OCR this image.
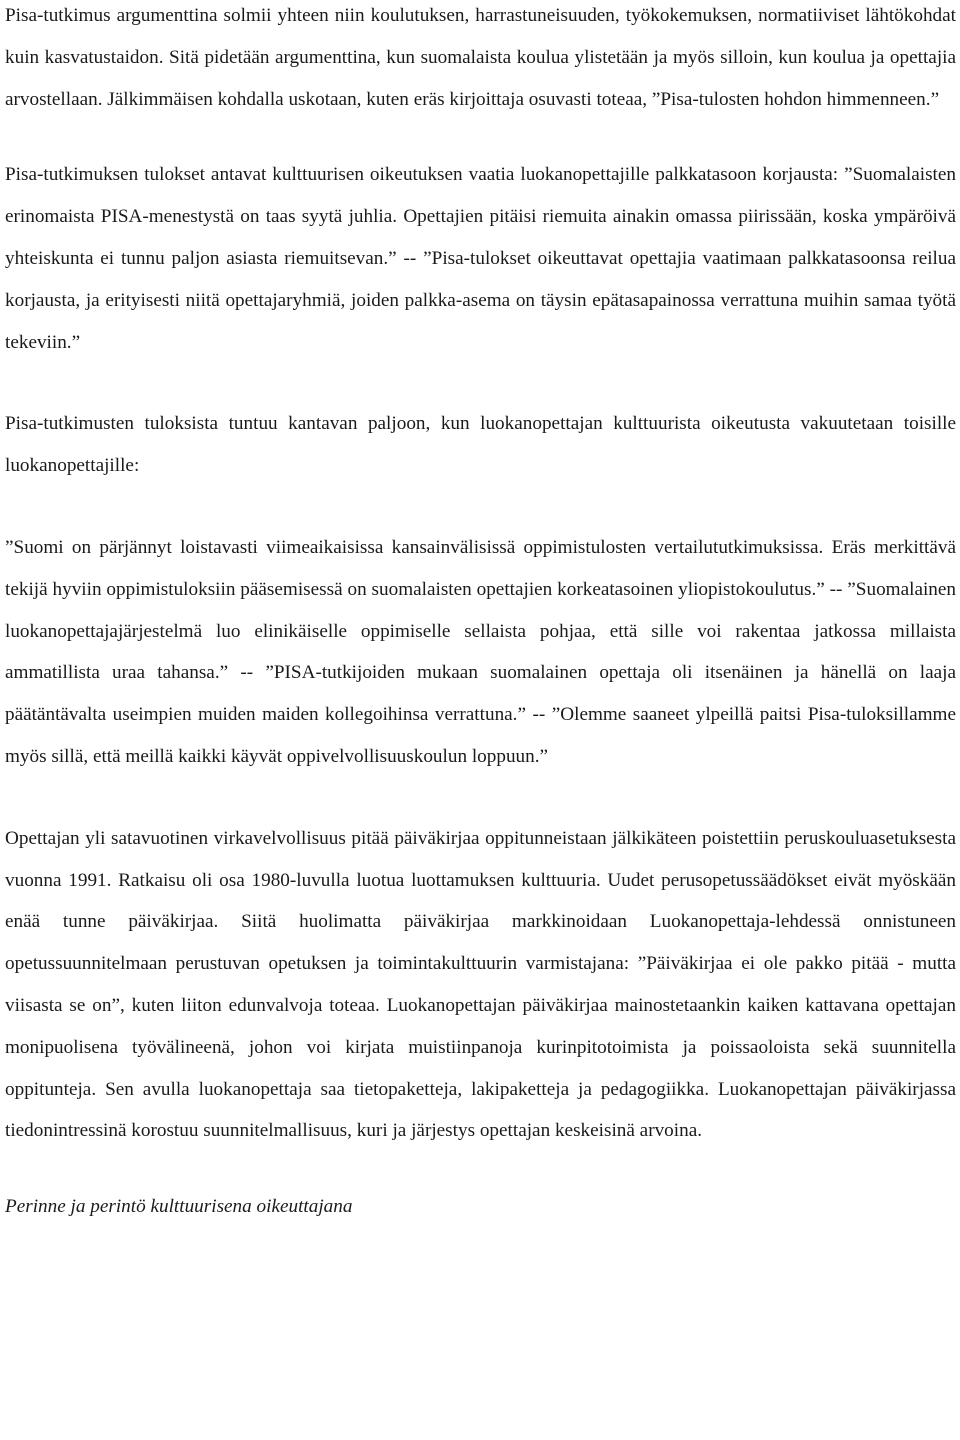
Pisa-tutkimus argumenttina solmii yhteen niin koulutuksen, harrastuneisuuden, työkokemuksen, normatiiviset lähtökohdat kuin kasvatustaidon. Sitä pidetään argumenttina, kun suomalaista koulua ylistetään ja myös silloin, kun koulua ja opettajia arvostellaan. Jälkimmäisen kohdalla uskotaan, kuten eräs kirjoittaja osuvasti toteaa, ”Pisa-tulosten hohdon himmenneen.”

Pisa-tutkimuksen tulokset antavat kulttuurisen oikeutuksen vaatia luokanopettajille palkkatasoon korjausta: ”Suomalaisten erinomaista PISA-menestystä on taas syytä juhlia. Opettajien pitäisi riemuita ainakin omassa piirissään, koska ympäröivä yhteiskunta ei tunnu paljon asiasta riemuitsevan.” -- ”Pisa-tulokset oikeuttavat opettajia vaatimaan palkkatasoonsa reilua korjausta, ja erityisesti niitä opettajaryhmiä, joiden palkka-asema on täysin epätasapainossa verrattuna muihin samaa työtä tekeviin.”

Pisa-tutkimusten tuloksista tuntuu kantavan paljoon, kun luokanopettajan kulttuurista oikeutusta vakuutetaan toisille luokanopettajille:

”Suomi on pärjännyt loistavasti viimeaikaisissa kansainvälisissä oppimistulosten vertailututkimuksissa. Eräs merkittävä tekijä hyviin oppimistuloksiin pääsemisessä on suomalaisten opettajien korkeatasoinen yliopistokoulutus.” -- ”Suomalainen luokanopettajajärjestelmä luo elinikäiselle oppimiselle sellaista pohjaa, että sille voi rakentaa jatkossa millaista ammatillista uraa tahansa.” -- ”PISA-tutkijoiden mukaan suomalainen opettaja oli itsenäinen ja hänellä on laaja päätäntävalta useimpien muiden maiden kollegoihinsa verrattuna.” -- ”Olemme saaneet ylpeillä paitsi Pisa-tuloksillamme myös sillä, että meillä kaikki käyvät oppivelvollisuuskoulun loppuun.”

Opettajan yli satavuotinen virkavelvollisuus pitää päiväkirjaa oppitunneistaan jälkikäteen poistettiin peruskouluasetuksesta vuonna 1991. Ratkaisu oli osa 1980-luvulla luotua luottamuksen kulttuuria. Uudet perusopetussäädökset eivät myöskään enää tunne päiväkirjaa. Siitä huolimatta päiväkirjaa markkinoidaan Luokanopettaja-lehdessä onnistuneen opetussuunnitelmaan perustuvan opetuksen ja toimintakulttuurin varmistajana: ”Päiväkirjaa ei ole pakko pitää - mutta viisasta se on”, kuten liiton edunvalvoja toteaa. Luokanopettajan päiväkirjaa mainostetaankin kaiken kattavana opettajan monipuolisena työvälineenä, johon voi kirjata muistiinpanoja kurinpitotoimista ja poissaoloista sekä suunnitella oppitunteja. Sen avulla luokanopettaja saa tietopaketteja, lakipaketteja ja pedagogiikka. Luokanopettajan päiväkirjassa tiedonintressinä korostuu suunnitelmallisuus, kuri ja järjestys opettajan keskeisinä arvoina.

Perinne ja perintö kulttuurisena oikeuttajana
